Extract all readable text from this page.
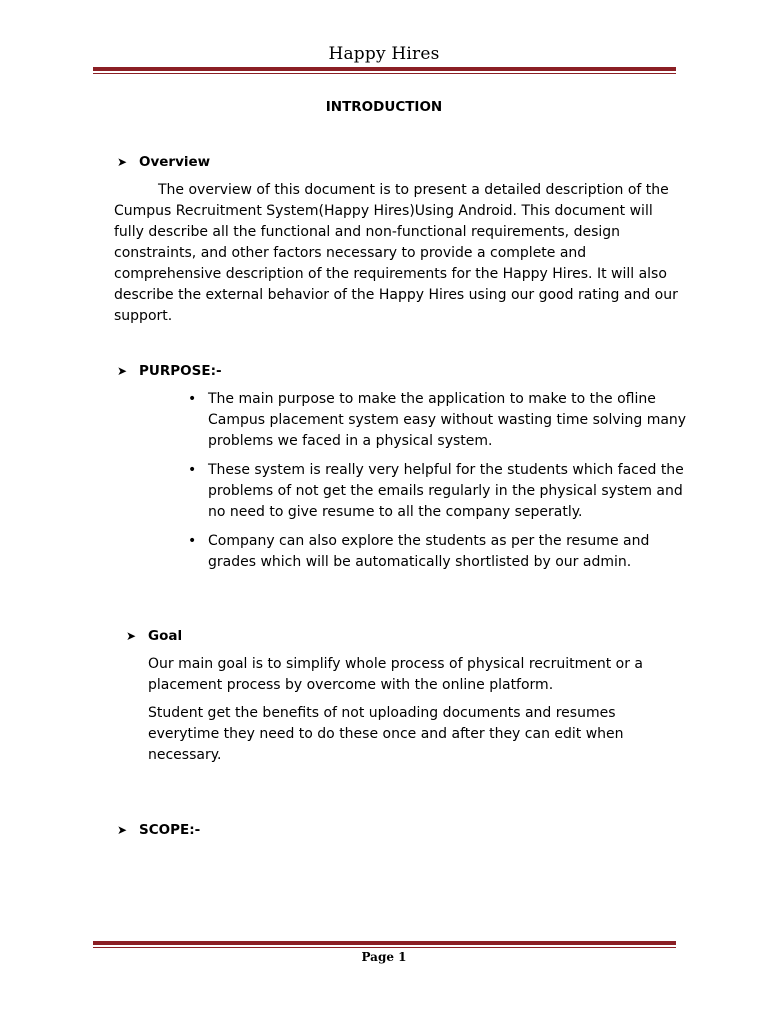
Happy Hires
INTRODUCTION
➤ Overview
The overview of this document is to present a detailed description of the Cumpus Recruitment System(Happy Hires)Using Android. This document will fully describe all the functional and non-functional requirements, design constraints, and other factors necessary to provide a complete and comprehensive description of the requirements for the Happy Hires. It will also describe the external behavior of the Happy Hires using our good rating and our support.
➤ PURPOSE:-
• The main purpose to make the application to make to the ofline Campus placement system easy without wasting time solving many problems we faced in a physical system.
• These system is really very helpful for the students which faced the problems of not get the emails regularly in the physical system and no need to give resume to all the company seperatly.
• Company can also explore the students as per the resume and grades which will be automatically shortlisted by our admin.
➤ Goal
Our main goal is to simplify whole process of physical recruitment or a placement process by overcome with the online platform.
Student get the benefits of not uploading documents and resumes everytime they need to do these once and after they can edit when necessary.
➤ SCOPE:-
Page 1
